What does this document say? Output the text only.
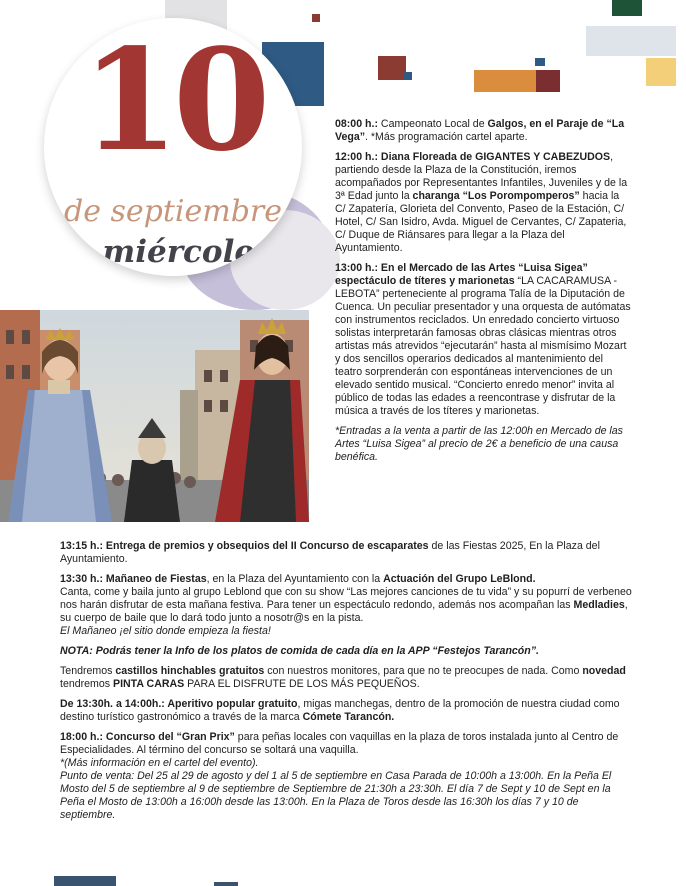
10
de septiembre
miércoles

08:00 h.: Campeonato Local de Galgos, en el Paraje de “La Vega”. *Más programación cartel aparte.

12:00 h.: Diana Floreada de GIGANTES Y CABEZUDOS, partiendo desde la Plaza de la Constitución, iremos acompañados por Representantes Infantiles, Juveniles y de la 3ª Edad junto la charanga “Los Porompomperos” hacia la C/ Zapatería, Glorieta del Convento, Paseo de la Estación, C/ Hotel, C/ San Isidro, Avda. Miguel de Cervantes, C/ Zapateria, C/ Duque de Riánsares para llegar a la Plaza del Ayuntamiento.

13:00 h.: En el Mercado de las Artes “Luisa Sigea” espectáculo de títeres y marionetas “LA CACARAMUSA - LEBOTA” perteneciente al programa Talía de la Diputación de Cuenca. Un peculiar presentador y una orquesta de autómatas con instrumentos reciclados. Un enredado concierto virtuoso solistas interpretarán famosas obras clásicas mientras otros artistas más atrevidos “ejecutarán” hasta al mismísimo Mozart y dos sencillos operarios dedicados al mantenimiento del teatro sorprenderán con espontáneas intervenciones de un elevado sentido musical. “Concierto enredo menor” invita al público de todas las edades a reencontrase y disfrutar de la música a través de los títeres y marionetas.

*Entradas a la venta a partir de las 12:00h en Mercado de las Artes “Luisa Sigea” al precio de 2€ a beneficio de una causa benéfica.

13:15 h.: Entrega de premios y obsequios del II Concurso de escaparates de las Fiestas 2025, En la Plaza del Ayuntamiento.

13:30 h.: Mañaneo de Fiestas, en la Plaza del Ayuntamiento con la Actuación del Grupo LeBlond.
Canta, come y baila junto al grupo Leblond que con su show “Las mejores canciones de tu vida” y su popurrí de verbeneo nos harán disfrutar de esta mañana festiva. Para tener un espectáculo redondo, además nos acompañan las Medladies, su cuerpo de baile que lo dará todo junto a nosotr@s en la pista.
El Mañaneo ¡el sitio donde empieza la fiesta!

NOTA: Podrás tener la Info de los platos de comida de cada día en la APP “Festejos Tarancón”.

Tendremos castillos hinchables gratuitos con nuestros monitores, para que no te preocupes de nada. Como novedad tendremos PINTA CARAS PARA EL DISFRUTE DE LOS MÁS PEQUEÑOS.

De 13:30h. a 14:00h.: Aperitivo popular gratuito, migas manchegas, dentro de la promoción de nuestra ciudad como destino turístico gastronómico a través de la marca Cómete Tarancón.

18:00 h.: Concurso del “Gran Prix” para peñas locales con vaquillas en la plaza de toros instalada junto al Centro de Especialidades. Al término del concurso se soltará una vaquilla.
*(Más información en el cartel del evento).
Punto de venta: Del 25 al 29 de agosto y del 1 al 5 de septiembre en Casa Parada de 10:00h a 13:00h. En la Peña El Mosto del 5 de septiembre al 9 de septiembre de Septiembre de 21:30h a 23:30h. El día 7 de Sept y 10 de Sept en la Peña el Mosto de 13:00h a 16:00h desde las 13:00h. En la Plaza de Toros desde las 16:30h los días 7 y 10 de septiembre.
